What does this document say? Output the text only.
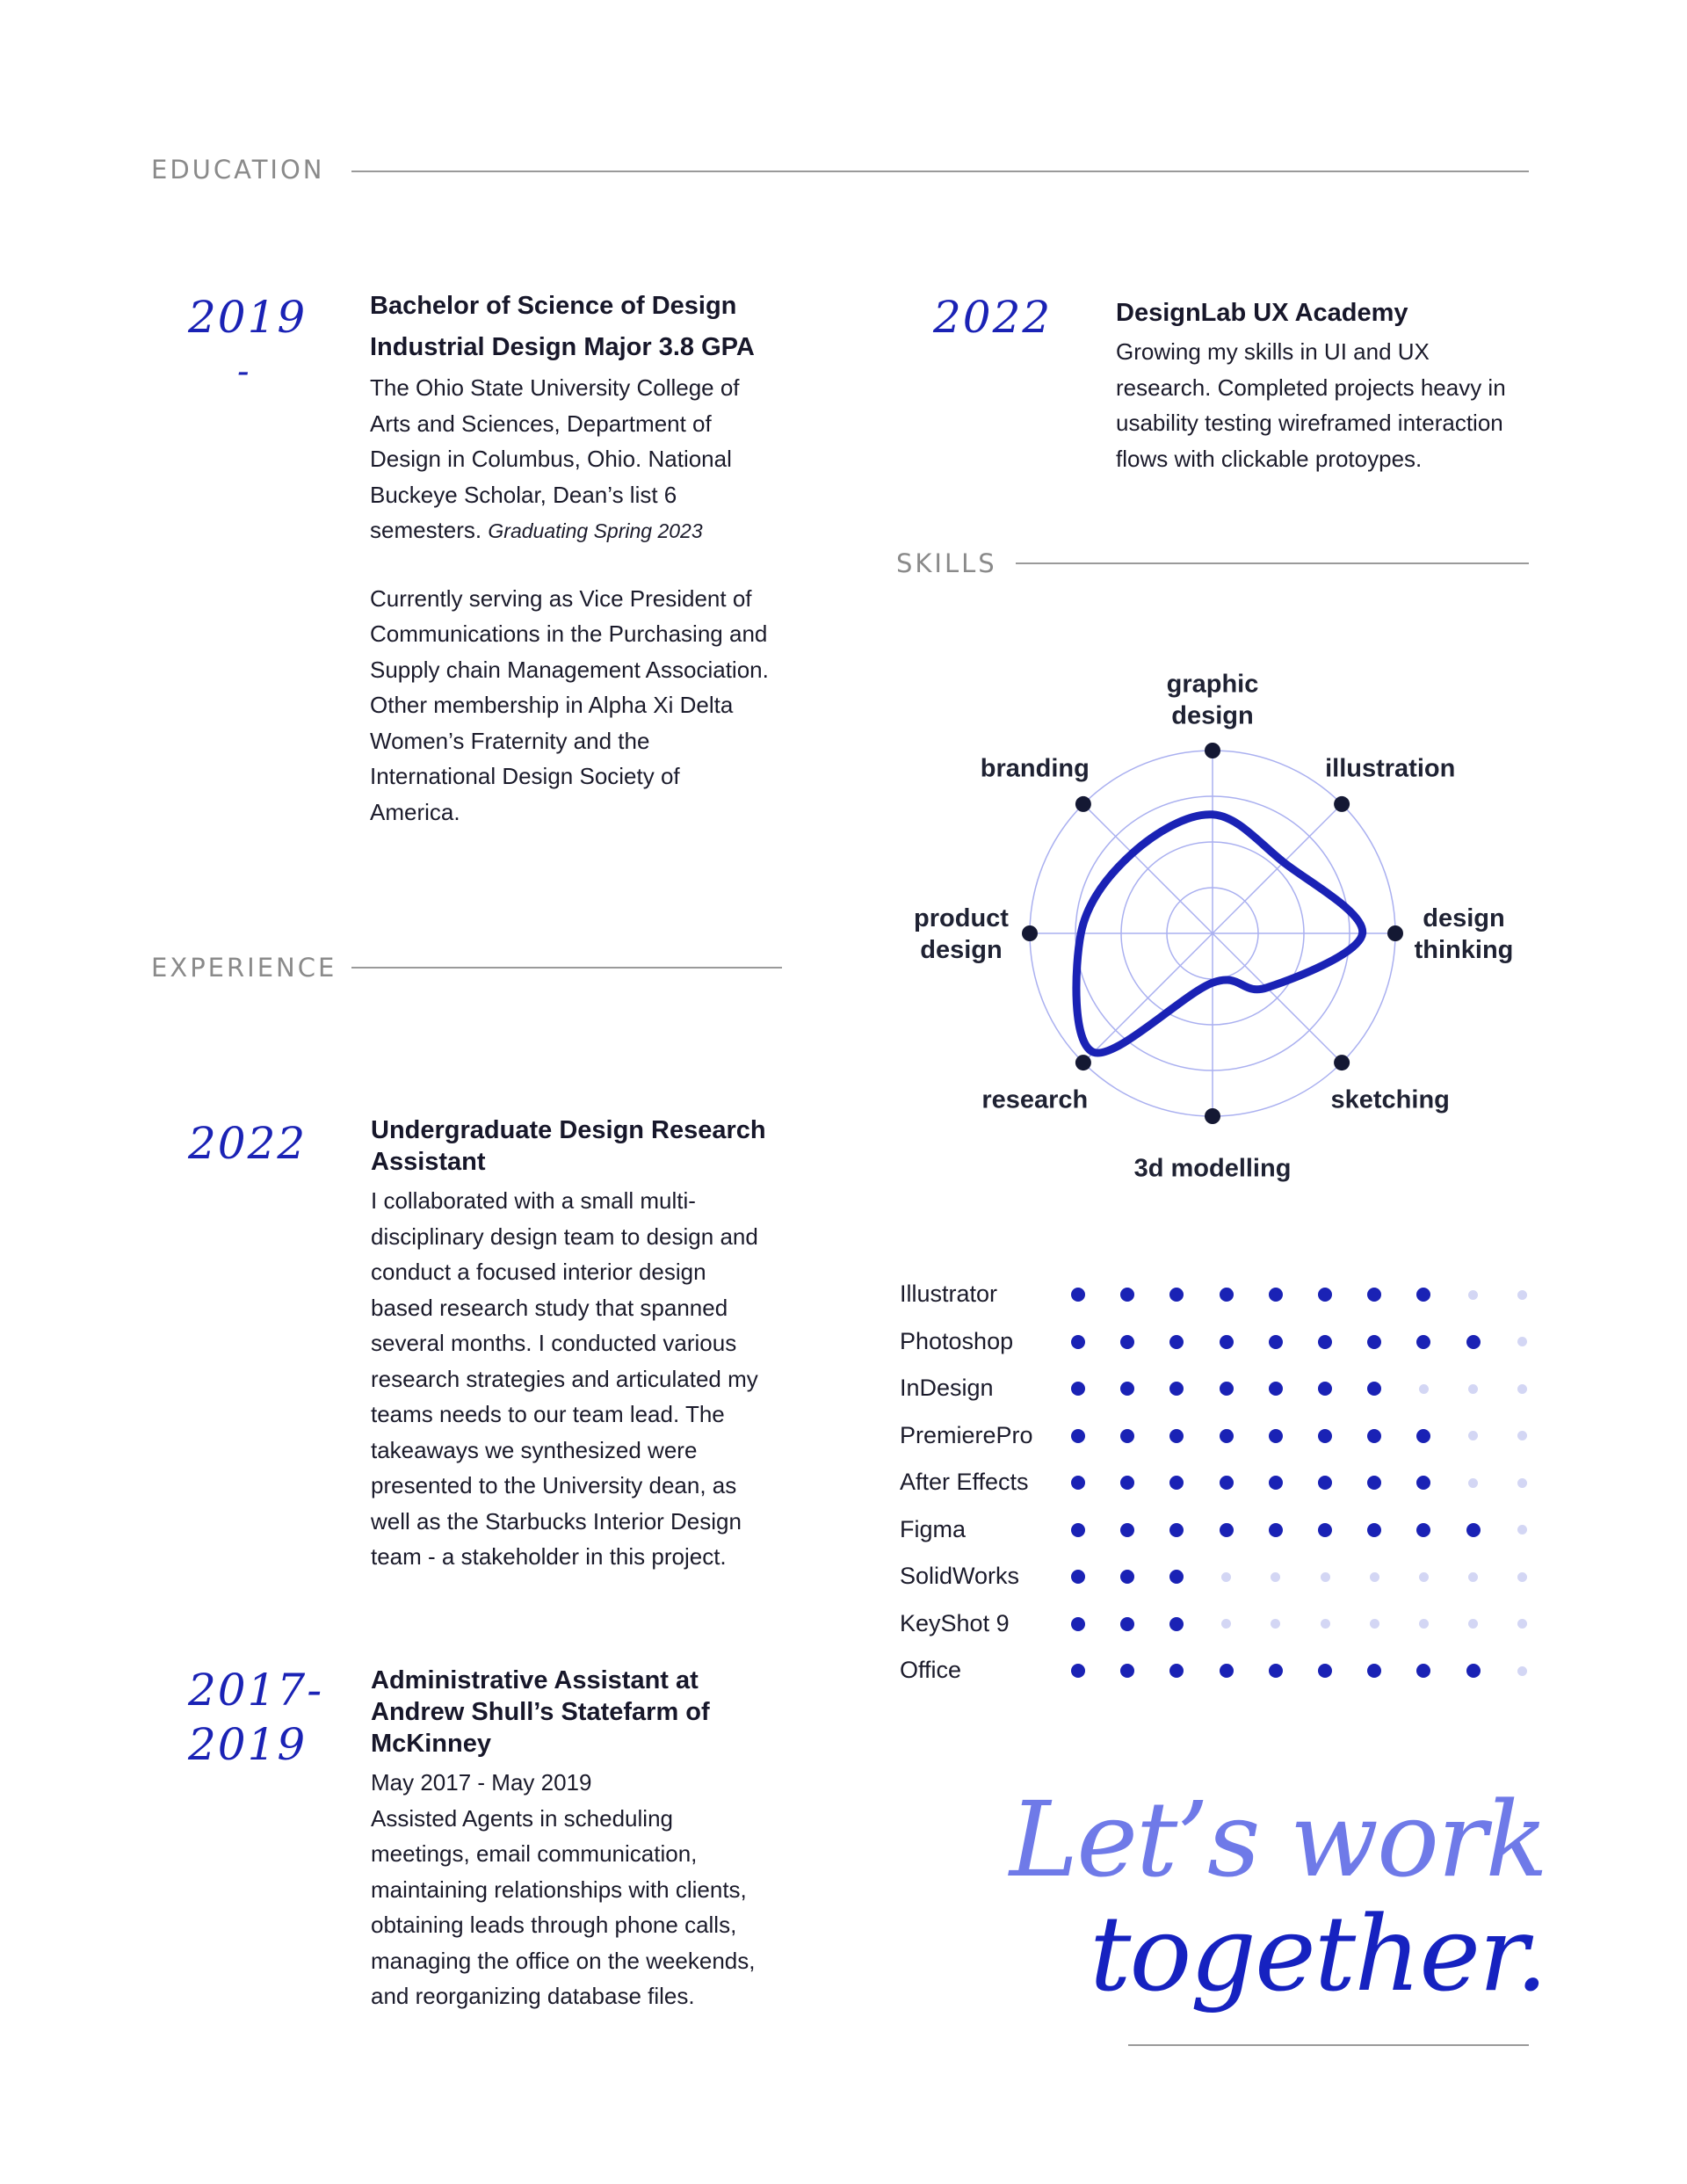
EDUCATION
2019
-
Bachelor of Science of Design
Industrial Design Major 3.8 GPA
The Ohio State University College of
Arts and Sciences, Department of
Design in Columbus, Ohio. National
Buckeye Scholar, Dean’s list 6
semesters. Graduating Spring 2023
Currently serving as Vice President of
Communications in the Purchasing and
Supply chain Management Association.
Other membership in Alpha Xi Delta
Women’s Fraternity and the
International Design Society of
America.
2022	DesignLab UX Academy
Growing my skills in UI and UX
research. Completed projects heavy in
usability testing wireframed interaction
flows with clickable protoypes.
EXPERIENCE
2022	Undergraduate Design Research
Assistant
I collaborated with a small multi-
disciplinary design team to design and
conduct a focused interior design
based research study that spanned
several months. I conducted various
research strategies and articulated my
teams needs to our team lead. The
takeaways we synthesized were
presented to the University dean, as
well as the Starbucks Interior Design
team - a stakeholder in this project.
2017-
2019
Administrative Assistant at
Andrew Shull’s Statefarm of
McKinney
May 2017 - May 2019
Assisted Agents in scheduling
meetings, email communication,
maintaining relationships with clients,
obtaining leads through phone calls,
managing the office on the weekends,
and reorganizing database files.
SKILLS
graphic design
illustration
design thinking
sketching
3d modelling
research
product design
branding
Illustrator
Photoshop
InDesign
PremierePro
After Effects
Figma
SolidWorks
KeyShot 9
Office
Let’s work
together.
